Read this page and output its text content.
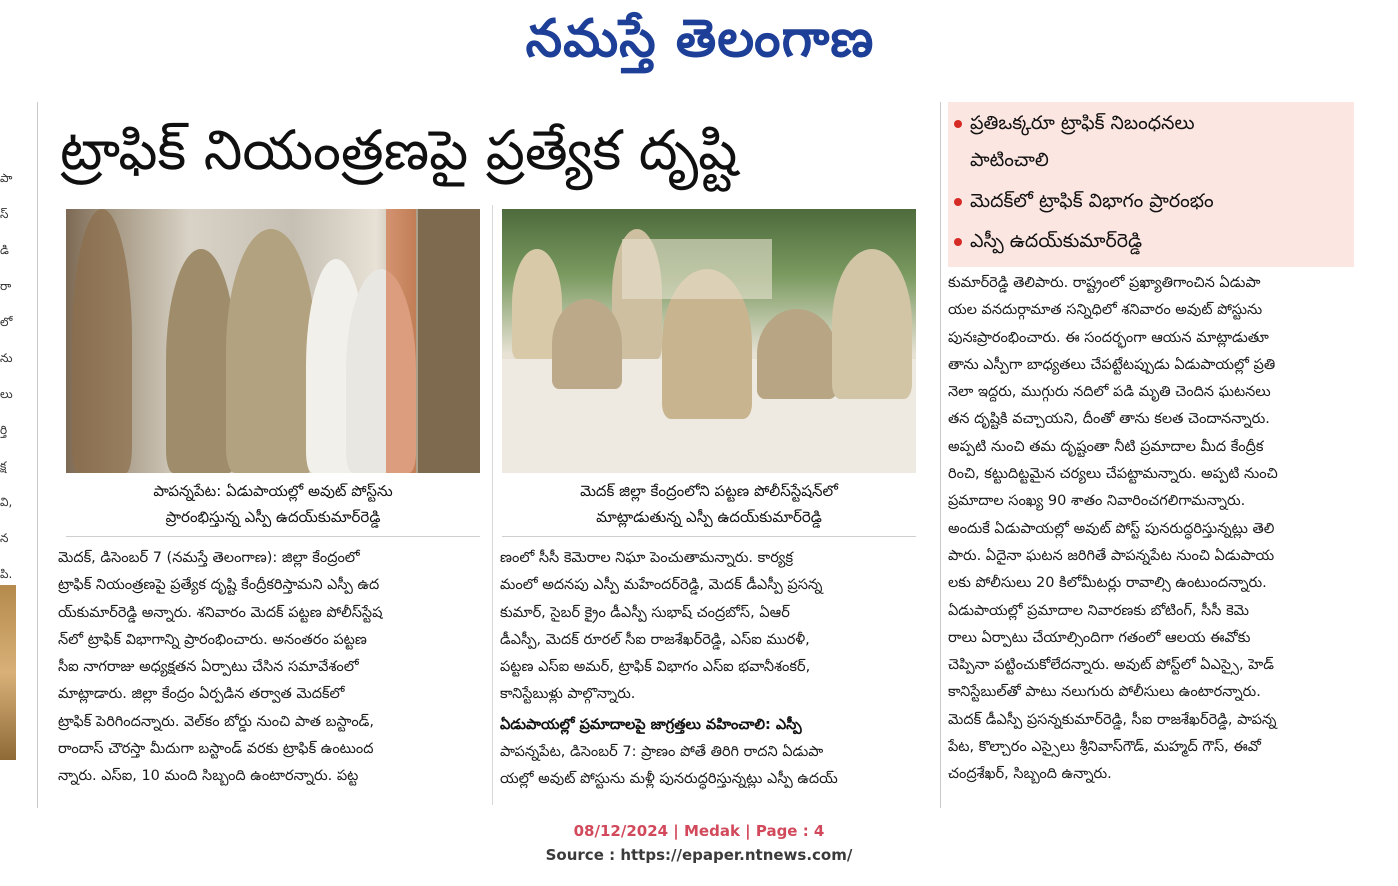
నమస్తే తెలంగాణ
పా
స్
డి
రా
లో
ను
లు
ర్తి
క్ష
వి,
న
పి.
ట్రాఫిక్ నియంత్రణపై ప్రత్యేక దృష్టి	ప్రతిఒక్కరూ ట్రాఫిక్ నిబంధనలు
పాటించాలి
మెదక్‌లో ట్రాఫిక్ విభాగం ప్రారంభం
ఎస్పీ ఉదయ్‌కుమార్‌రెడ్డి
పాపన్నపేట: ఏడుపాయల్లో అవుట్ పోస్ట్‌ను
ప్రారంభిస్తున్న ఎస్పీ ఉదయ్‌కుమార్‌రెడ్డి
మెదక్ జిల్లా కేంద్రంలోని పట్టణ పోలీస్‌స్టేషన్‌లో
మాట్లాడుతున్న ఎస్పీ ఉదయ్‌కుమార్‌రెడ్డి
మెదక్, డిసెంబర్ 7 (నమస్తే తెలంగాణ): జిల్లా కేంద్రంలో
ట్రాఫిక్ నియంత్రణపై ప్రత్యేక దృష్టి కేంద్రీకరిస్తామని ఎస్పీ ఉద
య్‌కుమార్‌రెడ్డి అన్నారు. శనివారం మెదక్ పట్టణ పోలీస్‌స్టేష
న్‌లో ట్రాఫిక్ విభాగాన్ని ప్రారంభించారు. అనంతరం పట్టణ
సీఐ నాగరాజు అధ్యక్షతన ఏర్పాటు చేసిన సమావేశంలో
మాట్లాడారు. జిల్లా కేంద్రం ఏర్పడిన తర్వాత మెదక్‌లో
ట్రాఫిక్ పెరిగిందన్నారు. వెల్‌కం బోర్డు నుంచి పాత బస్టాండ్,
రాందాస్ చౌరస్తా మీదుగా బస్టాండ్ వరకు ట్రాఫిక్ ఉంటుంద
న్నారు. ఎస్ఐ, 10 మంది సిబ్బంది ఉంటారన్నారు. పట్ట
ణంలో సీసీ కెమెరాల నిఘా పెంచుతామన్నారు. కార్యక్ర
మంలో అదనపు ఎస్పీ మహేందర్‌రెడ్డి, మెదక్ డీఎస్పీ ప్రసన్న
కుమార్, సైబర్ క్రైం డీఎస్పీ సుభాష్ చంద్రబోస్, ఏఆర్
డీఎస్పీ, మెదక్ రూరల్ సీఐ రాజశేఖర్‌రెడ్డి, ఎస్ఐ మురళీ,
పట్టణ ఎస్ఐ అమర్, ట్రాఫిక్ విభాగం ఎస్ఐ భవానీశంకర్,
కానిస్టేబుళ్లు పాల్గొన్నారు.
ఏడుపాయల్లో ప్రమాదాలపై జాగ్రత్తలు వహించాలి: ఎస్పీ
పాపన్నపేట, డిసెంబర్ 7: ప్రాణం పోతే తిరిగి రాదని ఏడుపా
యల్లో అవుట్ పోస్టును మళ్లీ పునరుద్ధరిస్తున్నట్లు ఎస్పీ ఉదయ్
కుమార్‌రెడ్డి తెలిపారు. రాష్ట్రంలో ప్రఖ్యాతిగాంచిన ఏడుపా
యల వనదుర్గామాత సన్నిధిలో శనివారం అవుట్ పోస్టును
పునఃప్రారంభించారు. ఈ సందర్భంగా ఆయన మాట్లాడుతూ
తాను ఎస్పీగా బాధ్యతలు చేపట్టేటప్పుడు ఏడుపాయల్లో ప్రతి
నెలా ఇద్దరు, ముగ్గురు నదిలో పడి మృతి చెందిన ఘటనలు
తన దృష్టికి వచ్చాయని, దీంతో తాను కలత చెందానన్నారు.
అప్పటి నుంచి తమ దృష్టంతా నీటి ప్రమాదాల మీద కేంద్రీక
రించి, కట్టుదిట్టమైన చర్యలు చేపట్టామన్నారు. అప్పటి నుంచి
ప్రమాదాల సంఖ్య 90 శాతం నివారించగలిగామన్నారు.
అందుకే ఏడుపాయల్లో అవుట్ పోస్ట్ పునరుద్ధరిస్తున్నట్లు తెలి
పారు. ఏదైనా ఘటన జరిగితే పాపన్నపేట నుంచి ఏడుపాయ
లకు పోలీసులు 20 కిలోమీటర్లు రావాల్సి ఉంటుందన్నారు.
ఏడుపాయల్లో ప్రమాదాల నివారణకు బోటింగ్, సీసీ కెమె
రాలు ఏర్పాటు చేయాల్సిందిగా గతంలో ఆలయ ఈవోకు
చెప్పినా పట్టించుకోలేదన్నారు. అవుట్ పోస్ట్‌లో ఏఎస్సై, హెడ్
కానిస్టేబుల్‌తో పాటు నలుగురు పోలీసులు ఉంటారన్నారు.
మెదక్ డీఎస్పీ ప్రసన్నకుమార్‌రెడ్డి, సీఐ రాజశేఖర్‌రెడ్డి, పాపన్న
పేట, కొల్చారం ఎస్సైలు శ్రీనివాస్‌గౌడ్, మహ్మద్ గౌస్, ఈవో
చంద్రశేఖర్, సిబ్బంది ఉన్నారు.
08/12/2024 | Medak | Page : 4
Source : https://epaper.ntnews.com/
